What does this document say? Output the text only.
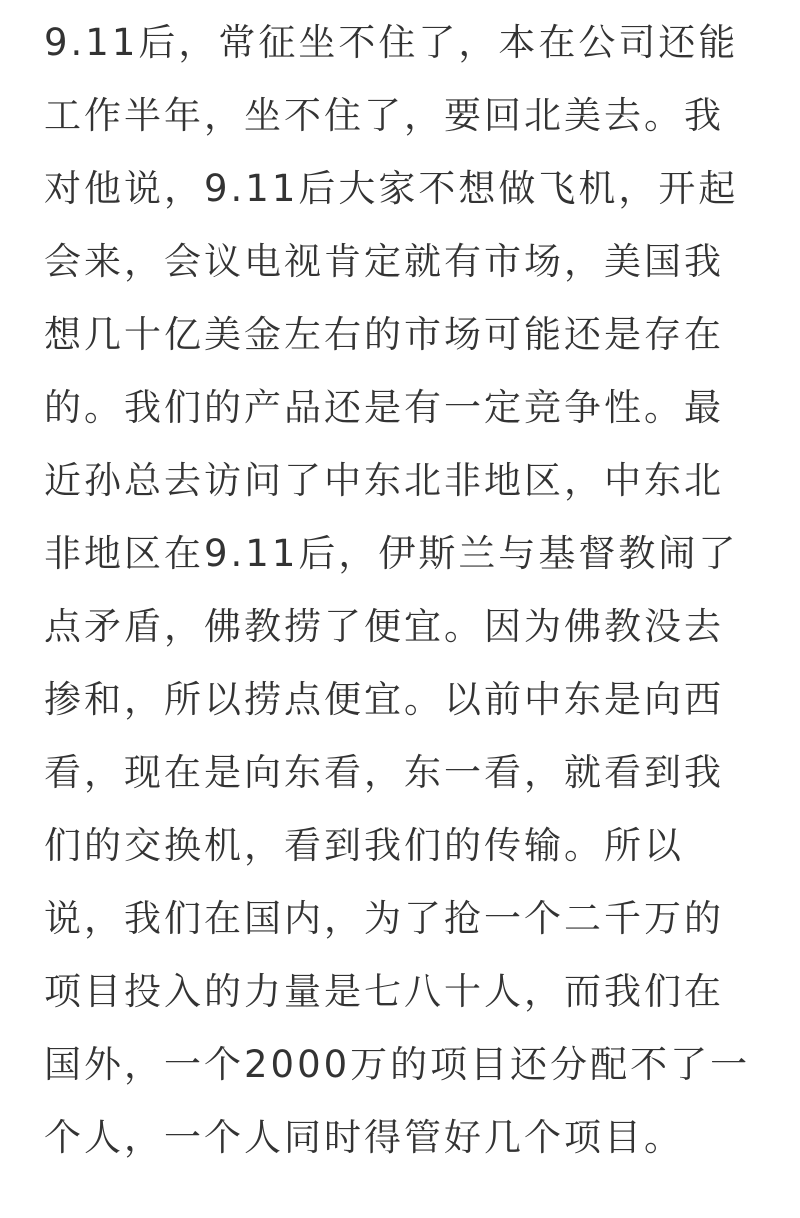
9.11后，常征坐不住了，本在公司还能
工作半年，坐不住了，要回北美去。我
对他说，9.11后大家不想做飞机，开起
会来，会议电视肯定就有市场，美国我
想几十亿美金左右的市场可能还是存在
的。我们的产品还是有一定竞争性。最
近孙总去访问了中东北非地区，中东北
非地区在9.11后，伊斯兰与基督教闹了
点矛盾，佛教捞了便宜。因为佛教没去
掺和，所以捞点便宜。以前中东是向西
看，现在是向东看，东一看，就看到我
们的交换机，看到我们的传输。所以
说，我们在国内，为了抢一个二千万的
项目投入的力量是七八十人，而我们在
国外，一个2000万的项目还分配不了一
个人，一个人同时得管好几个项目。
